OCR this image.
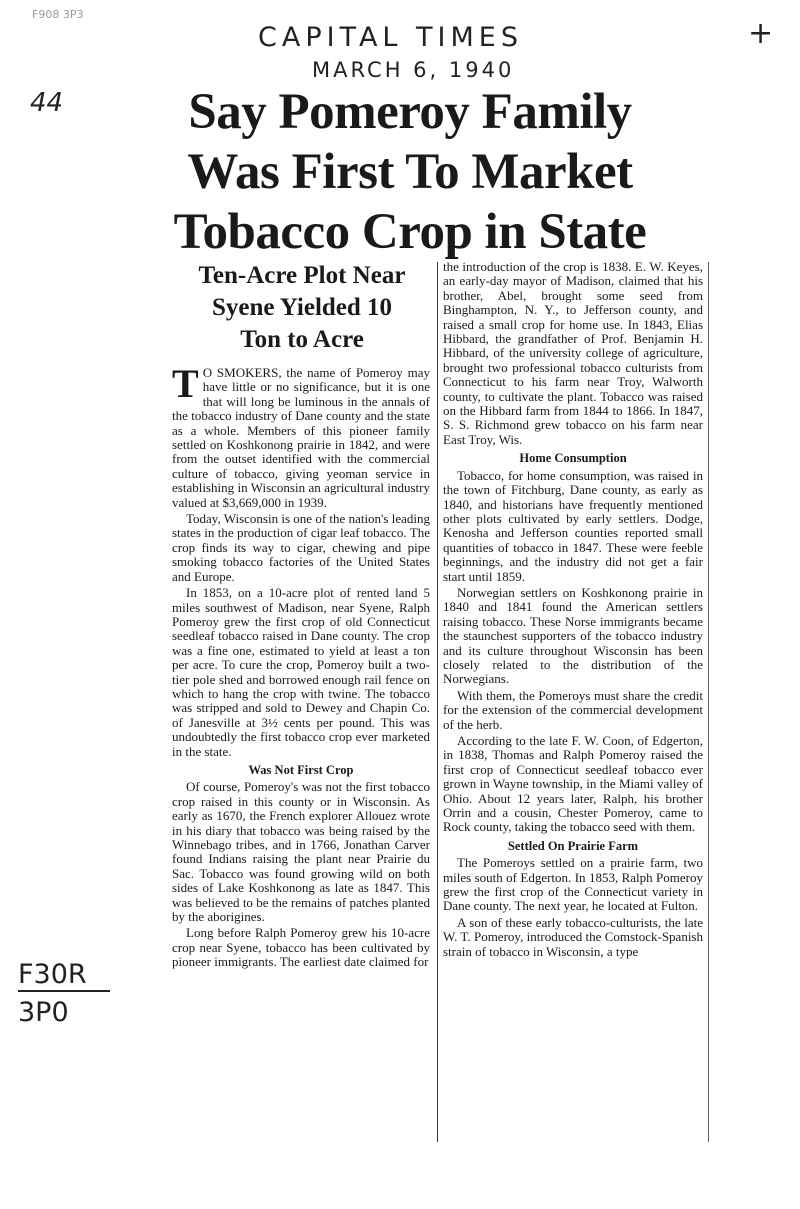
F908 3P3
CAPITAL TIMES
MARCH 6, 1940
+
44
F30R
3P0
Say Pomeroy Family
Was First To Market
Tobacco Crop in State
Ten-Acre Plot Near
Syene Yielded 10
Ton to Acre

T O SMOKERS, the name of Pomeroy may have little or no significance, but it is one that will long be luminous in the annals of the tobacco industry of Dane county and the state as a whole. Members of this pioneer family settled on Koshkonong prairie in 1842, and were from the outset identified with the commercial culture of tobacco, giving yeoman service in establishing in Wisconsin an agricultural industry valued at $3,669,000 in 1939.

Today, Wisconsin is one of the nation's leading states in the production of cigar leaf tobacco. The crop finds its way to cigar, chewing and pipe smoking tobacco factories of the United States and Europe.

In 1853, on a 10-acre plot of rented land 5 miles southwest of Madison, near Syene, Ralph Pomeroy grew the first crop of old Connecticut seedleaf tobacco raised in Dane county. The crop was a fine one, estimated to yield at least a ton per acre. To cure the crop, Pomeroy built a two-tier pole shed and borrowed enough rail fence on which to hang the crop with twine. The tobacco was stripped and sold to Dewey and Chapin Co. of Janesville at 3½ cents per pound. This was undoubtedly the first tobacco crop ever marketed in the state.

Was Not First Crop

Of course, Pomeroy's was not the first tobacco crop raised in this county or in Wisconsin. As early as 1670, the French explorer Allouez wrote in his diary that tobacco was being raised by the Winnebago tribes, and in 1766, Jonathan Carver found Indians raising the plant near Prairie du Sac. Tobacco was found growing wild on both sides of Lake Koshkonong as late as 1847. This was believed to be the remains of patches planted by the aborigines.

Long before Ralph Pomeroy grew his 10-acre crop near Syene, tobacco has been cultivated by pioneer immigrants. The earliest date claimed for

the introduction of the crop is 1838. E. W. Keyes, an early-day mayor of Madison, claimed that his brother, Abel, brought some seed from Binghampton, N. Y., to Jefferson county, and raised a small crop for home use. In 1843, Elias Hibbard, the grandfather of Prof. Benjamin H. Hibbard, of the university college of agriculture, brought two professional tobacco culturists from Connecticut to his farm near Troy, Walworth county, to cultivate the plant. Tobacco was raised on the Hibbard farm from 1844 to 1866. In 1847, S. S. Richmond grew tobacco on his farm near East Troy, Wis.

Home Consumption

Tobacco, for home consumption, was raised in the town of Fitchburg, Dane county, as early as 1840, and historians have frequently mentioned other plots cultivated by early settlers. Dodge, Kenosha and Jefferson counties reported small quantities of tobacco in 1847. These were feeble beginnings, and the industry did not get a fair start until 1859.

Norwegian settlers on Koshkonong prairie in 1840 and 1841 found the American settlers raising tobacco. These Norse immigrants became the staunchest supporters of the tobacco industry and its culture throughout Wisconsin has been closely related to the distribution of the Norwegians.

With them, the Pomeroys must share the credit for the extension of the commercial development of the herb.

According to the late F. W. Coon, of Edgerton, in 1838, Thomas and Ralph Pomeroy raised the first crop of Connecticut seedleaf tobacco ever grown in Wayne township, in the Miami valley of Ohio. About 12 years later, Ralph, his brother Orrin and a cousin, Chester Pomeroy, came to Rock county, taking the tobacco seed with them.

Settled On Prairie Farm

The Pomeroys settled on a prairie farm, two miles south of Edgerton. In 1853, Ralph Pomeroy grew the first crop of the Connecticut variety in Dane county. The next year, he located at Fulton.

A son of these early tobacco-culturists, the late W. T. Pomeroy, introduced the Comstock-Spanish strain of tobacco in Wisconsin, a type
